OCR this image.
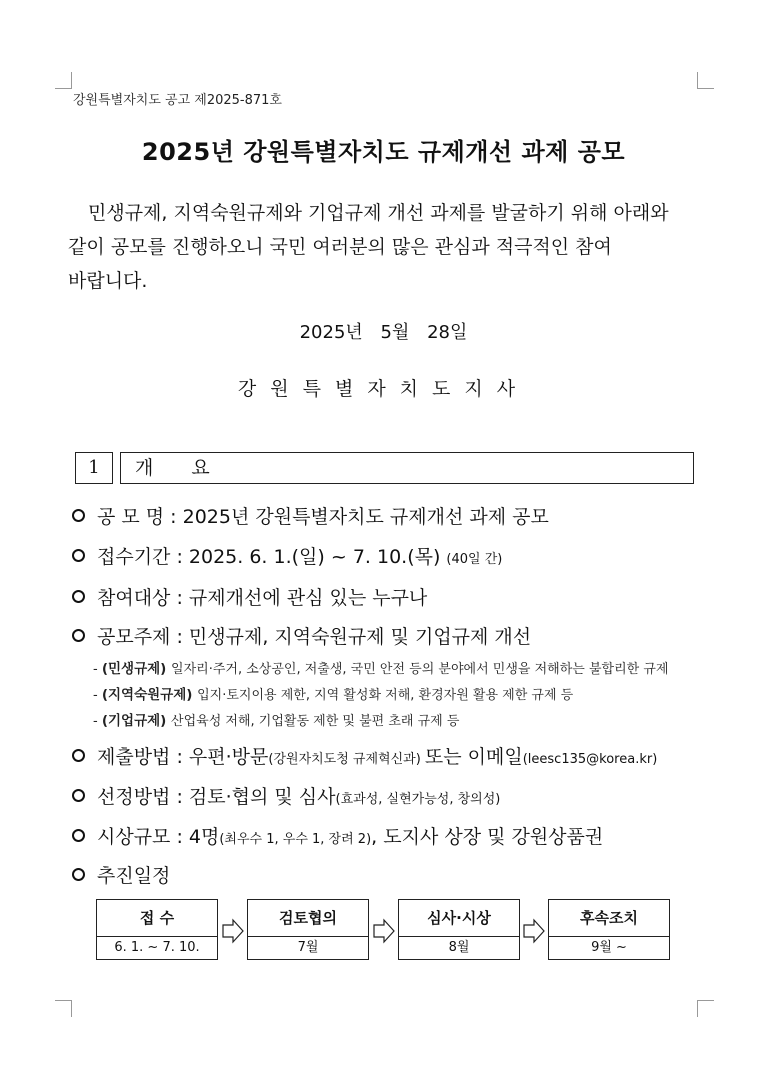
강원특별자치도 공고 제2025-871호
2025년 강원특별자치도 규제개선 과제 공모
민생규제, 지역숙원규제와 기업규제 개선 과제를 발굴하기 위해 아래와
같이 공모를 진행하오니 국민 여러분의 많은 관심과 적극적인 참여
바랍니다.
2025년 5월 28일
강원특별자치도지사
1	개요
공 모 명 : 2025년 강원특별자치도 규제개선 과제 공모
접수기간 : 2025. 6. 1.(일) ~ 7. 10.(목) (40일 간)
참여대상 : 규제개선에 관심 있는 누구나
공모주제 : 민생규제, 지역숙원규제 및 기업규제 개선
- (민생규제) 일자리·주거, 소상공인, 저출생, 국민 안전 등의 분야에서 민생을 저해하는 불합리한 규제
- (지역숙원규제) 입지·토지이용 제한, 지역 활성화 저해, 환경자원 활용 제한 규제 등
- (기업규제) 산업육성 저해, 기업활동 제한 및 불편 초래 규제 등
제출방법 : 우편·방문(강원자치도청 규제혁신과) 또는 이메일(leesc135@korea.kr)
선정방법 : 검토·협의 및 심사(효과성, 실현가능성, 창의성)
시상규모 : 4명(최우수 1, 우수 1, 장려 2), 도지사 상장 및 강원상품권
추진일정
접 수
6. 1. ~ 7. 10.
검토협의
7월
심사·시상
8월
후속조치
9월 ~
